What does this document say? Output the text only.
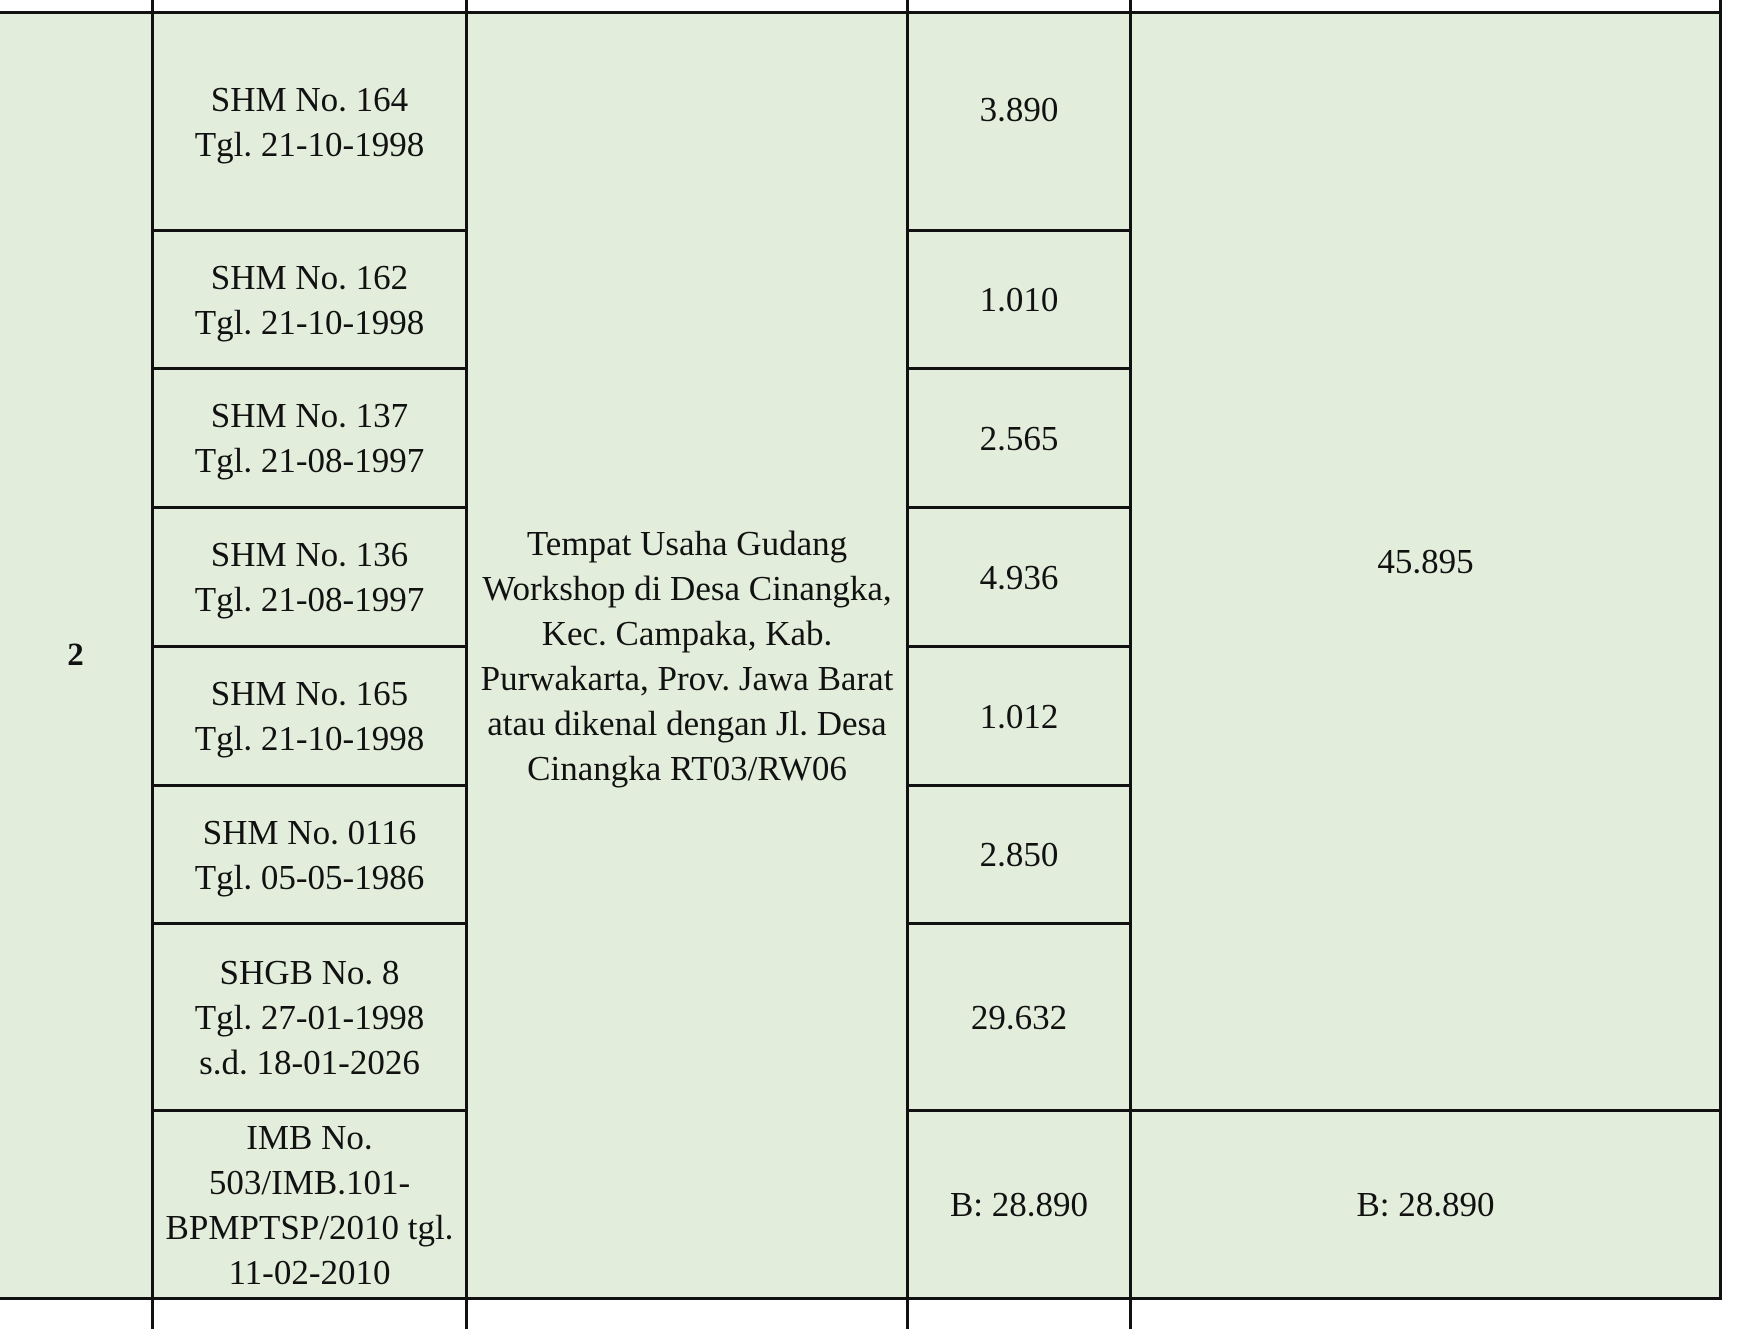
2
SHM No. 164
Tgl. 21-10-1998
SHM No. 162
Tgl. 21-10-1998
SHM No. 137
Tgl. 21-08-1997
SHM No. 136
Tgl. 21-08-1997
SHM No. 165
Tgl. 21-10-1998
SHM No. 0116
Tgl. 05-05-1986
SHGB No. 8
Tgl. 27-01-1998
s.d. 18-01-2026
IMB No.
503/IMB.101-
BPMPTSP/2010 tgl.
11-02-2010
Tempat Usaha Gudang
Workshop di Desa Cinangka,
Kec. Campaka, Kab.
Purwakarta, Prov. Jawa Barat
atau dikenal dengan Jl. Desa
Cinangka RT03/RW06
3.890
1.010
2.565
4.936
1.012
2.850
29.632
B: 28.890
45.895
B: 28.890
